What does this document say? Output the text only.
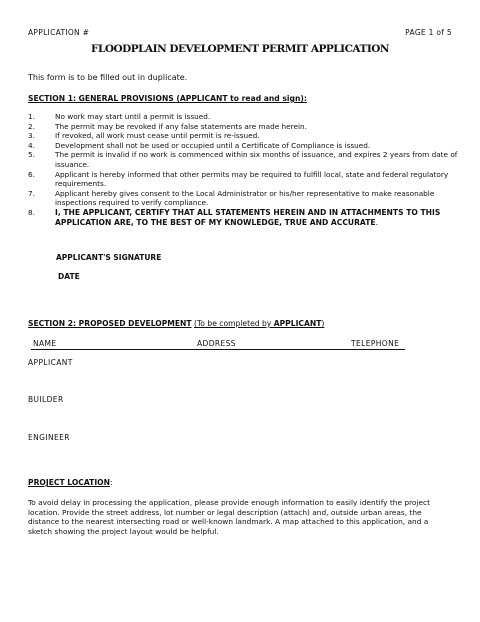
APPLICATION #	PAGE 1 of 5
FLOODPLAIN DEVELOPMENT PERMIT APPLICATION
This form is to be filled out in duplicate.
SECTION 1: GENERAL PROVISIONS (APPLICANT to read and sign):
1.	No work may start until a permit is issued.
2.	The permit may be revoked if any false statements are made herein.
3.	If revoked, all work must cease until permit is re-issued.
4.	Development shall not be used or occupied until a Certificate of Compliance is issued.
5.	The permit is invalid if no work is commenced within six months of issuance, and expires 2 years from date of issuance.
6.	Applicant is hereby informed that other permits may be required to fulfill local, state and federal regulatory requirements.
7.	Applicant hereby gives consent to the Local Administrator or his/her representative to make reasonable inspections required to verify compliance.
8.	I, THE APPLICANT, CERTIFY THAT ALL STATEMENTS HEREIN AND IN ATTACHMENTS TO THIS APPLICATION ARE, TO THE BEST OF MY KNOWLEDGE, TRUE AND ACCURATE.
APPLICANT'S SIGNATURE
DATE
SECTION 2: PROPOSED DEVELOPMENT (To be completed by APPLICANT)
NAME	ADDRESS	TELEPHONE
APPLICANT
BUILDER
ENGINEER
PROJECT LOCATION:
To avoid delay in processing the application, please provide enough information to easily identify the project location. Provide the street address, lot number or legal description (attach) and, outside urban areas, the distance to the nearest intersecting road or well-known landmark. A map attached to this application, and a sketch showing the project layout would be helpful.
